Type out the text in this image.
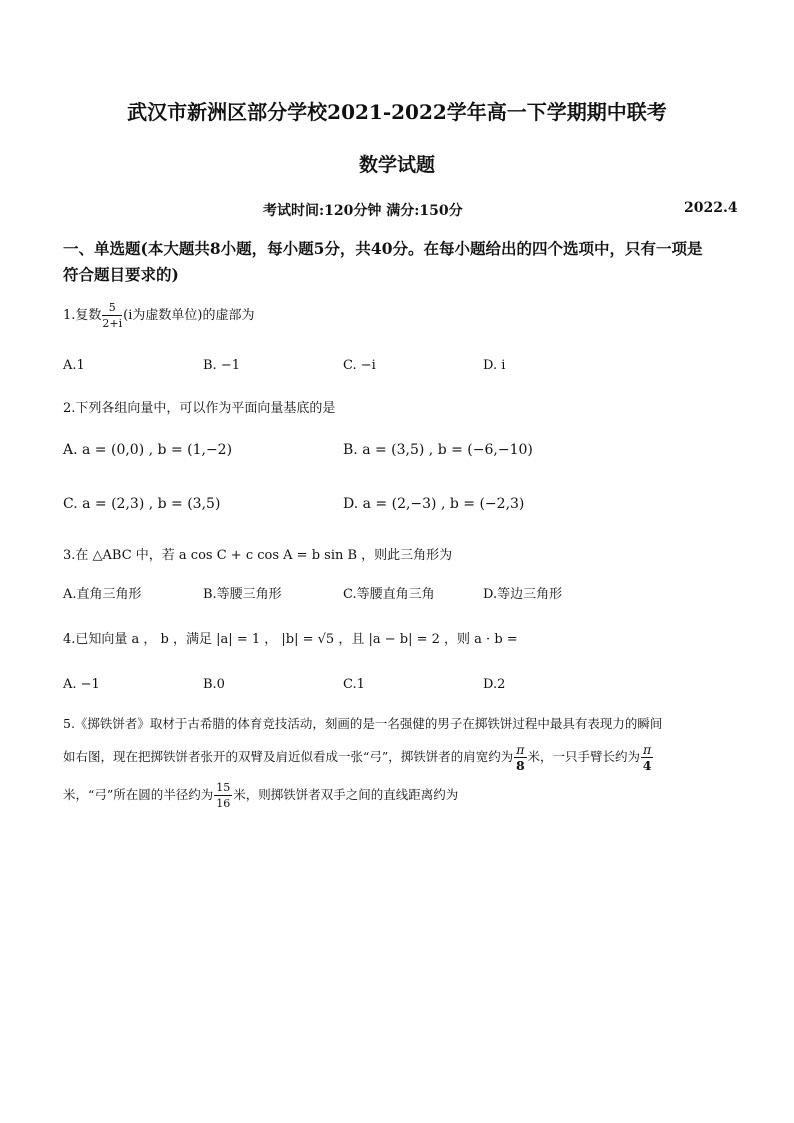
武汉市新洲区部分学校2021-2022学年高一下学期期中联考
数学试题
考试时间:120分钟 满分:150分	2022.4
一、单选题(本大题共8小题，每小题5分，共40分。在每小题给出的四个选项中，只有一项是
符合题目要求的)
1.复数 $\frac{5}{2+i} (i$为虚数单位)的虚部为
A.1	B. −1	C. −i	D. i
2.下列各组向量中，可以作为平面向量基底的是
A. a = (0,0) , b = (1,−2)	B. a = (3,5) , b = (−6,−10)
C. a = (2,3) , b = (3,5)	D. a = (2,−3) , b = (−2,3)
3.在 △ABC 中，若 a cos C + c cos A = b sin B ，则此三角形为
A.直角三角形	B.等腰三角形	C.等腰直角三角	D.等边三角形
4.已知向量 a ， b ，满足 |a| = 1 ， |b| = √5 ，且 |a − b| = 2 ，则 a · b =
A. −1	B.0	C.1	D.2
5.《掷铁饼者》取材于古希腊的体育竞技活动，刻画的是一名强健的男子在掷铁饼过程中最具有表现力的瞬间
如右图，现在把掷铁饼者张开的双臂及肩近似看成一张“弓”，掷铁饼者的肩宽约为 $\frac{\pi}{8}$ 米，一只手臂长约为 $\frac{\pi}{4}$
米，“弓”所在圆的半径约为 $\frac{15}{16}$ 米，则掷铁饼者双手之间的直线距离约为
